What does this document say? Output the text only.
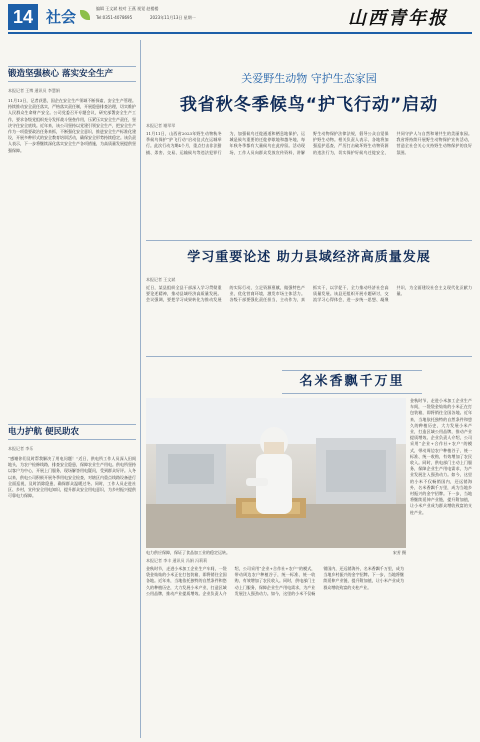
14 社会	编辑 王文斌 校对 王燕 视觉 赵楼楼
Tel:0351-4078695	2023年11月13日 星期一	山西青年报
锻造坚强核心 落实安全生产
本报记者 王博 通讯员 李慧娟
11月13日，记者获悉，国企在安全生产领域不断探索，安全生产管理。持续推动安全责任落实，严格落实责任制，开展隐患排查治理，切实维护人民群众生命财产安全。公司党委召开专题会议，研究部署安全生产工作，要求各级党组织充分发挥战斗堡垒作用，压紧压实安全生产责任，坚决守住安全底线。近年来，该公司坚持以党建引领安全生产，把安全生产作为一项重要政治任务来抓，不断强化安全意识，推进安全生产标准化建设，开展多种形式的安全教育培训活动，确保安全形势持续稳定。该负责人表示，下一步将继续深化落实安全生产各项措施，为高质量发展提供坚强保障。
电力护航 便民助农
本报记者 李乐
“感谢你们及时帮我解决了用电问题！”近日，供电所工作人员深入田间地头，为农户检修线路，排查安全隐患，保障农业生产用电。供电所坚持以客户为中心，开展上门服务，现场解答用电疑问，受到群众好评。入冬以来，供电公司积极开展冬季用电安全检查，对辖区内重点线路设备进行全面巡视，及时消除隐患，确保群众温暖过冬。同时，工作人员走进社区、乡村，宣传安全用电知识，提升群众安全用电意识，为乡村振兴提供可靠电力保障。
关爱野生动物 守护生态家园
我省秋冬季候鸟“护飞行动”启动
本报记者 谢翠翠
11月11日，山西省2023年野生动物秋冬季候鸟保护“护飞行动”启动仪式在运城举行。此次行动为期4个月，重点打击非法猎捕、杀害、交易、运输候鸟等违法犯罪行为，加强候鸟迁徙通道和栖息地保护。运城是候鸟重要的迁徙停歇地和越冬地，每年秋冬季都有大量候鸟在此停留。活动现场，工作人员向群众发放宣传资料，讲解野生动物保护法律法规，倡导公众自觉保护野生动物。相关负责人表示，各地将加强巡护巡查，严厉打击破坏野生动物资源的违法行为，切实保护好候鸟迁徙安全，共同守护人与自然和谐共生的美丽家园。我省将持续开展野生动物保护宣传活动，营造全社会关心支持野生动物保护的良好氛围。
学习重要论述 助力县域经济高质量发展
本报记者 王文斌
近日，某县组织全县干部深入学习贯彻重要论述精神，推动县域经济高质量发展。会议强调，要把学习成果转化为推动发展的实际行动，立足资源禀赋，做强特色产业，优化营商环境，激发市场主体活力。各级干部要强化责任担当，主动作为，真抓实干，以学促干，全力推动经济社会高质量发展。该县还组织开展专题研讨，交流学习心得体会，进一步统一思想、凝聚共识，为全面建设社会主义现代化贡献力量。
名米香飘千万里
电力供应保障，保证了食品加工业的稳定运转。	宋芳 摄
本报记者 李丰 通讯员 冯娟 冯莉莉
金秋时节，走进小米加工企业生产车间，一袋袋金灿灿的小米正在打包装箱，即将销往全国各地。近年来，当地依托独特的自然条件和悠久的种植历史，大力发展小米产业，打造区域公用品牌，推动产业提质增效。企业负责人介绍，公司采用“企业+合作社+农户”的模式，带动周边农户种植谷子，统一标准、统一收购，有效增加了农民收入。同时，供电部门主动上门服务，保障企业生产用电需求，为产业发展注入强劲动力。如今，这里的小米不仅畅销国内，还远销海外，名米香飘千万里，成为当地乡村振兴的金字招牌。下一步，当地将继续延伸产业链，提升附加值，让小米产业成为群众增收致富的支柱产业。
金秋时节，走进小米加工企业生产车间，一袋袋金灿灿的小米正在打包装箱，即将销往全国各地。近年来，当地依托独特的自然条件和悠久的种植历史，大力发展小米产业，打造区域公用品牌，推动产业提质增效。企业负责人介绍，公司采用“企业+合作社+农户”的模式，带动周边农户种植谷子，统一标准、统一收购，有效增加了农民收入。同时，供电部门主动上门服务，保障企业生产用电需求，为产业发展注入强劲动力。如今，这里的小米不仅畅销国内，还远销海外，名米香飘千万里，成为当地乡村振兴的金字招牌。下一步，当地将继续延伸产业链，提升附加值，让小米产业成为群众增收致富的支柱产业。
